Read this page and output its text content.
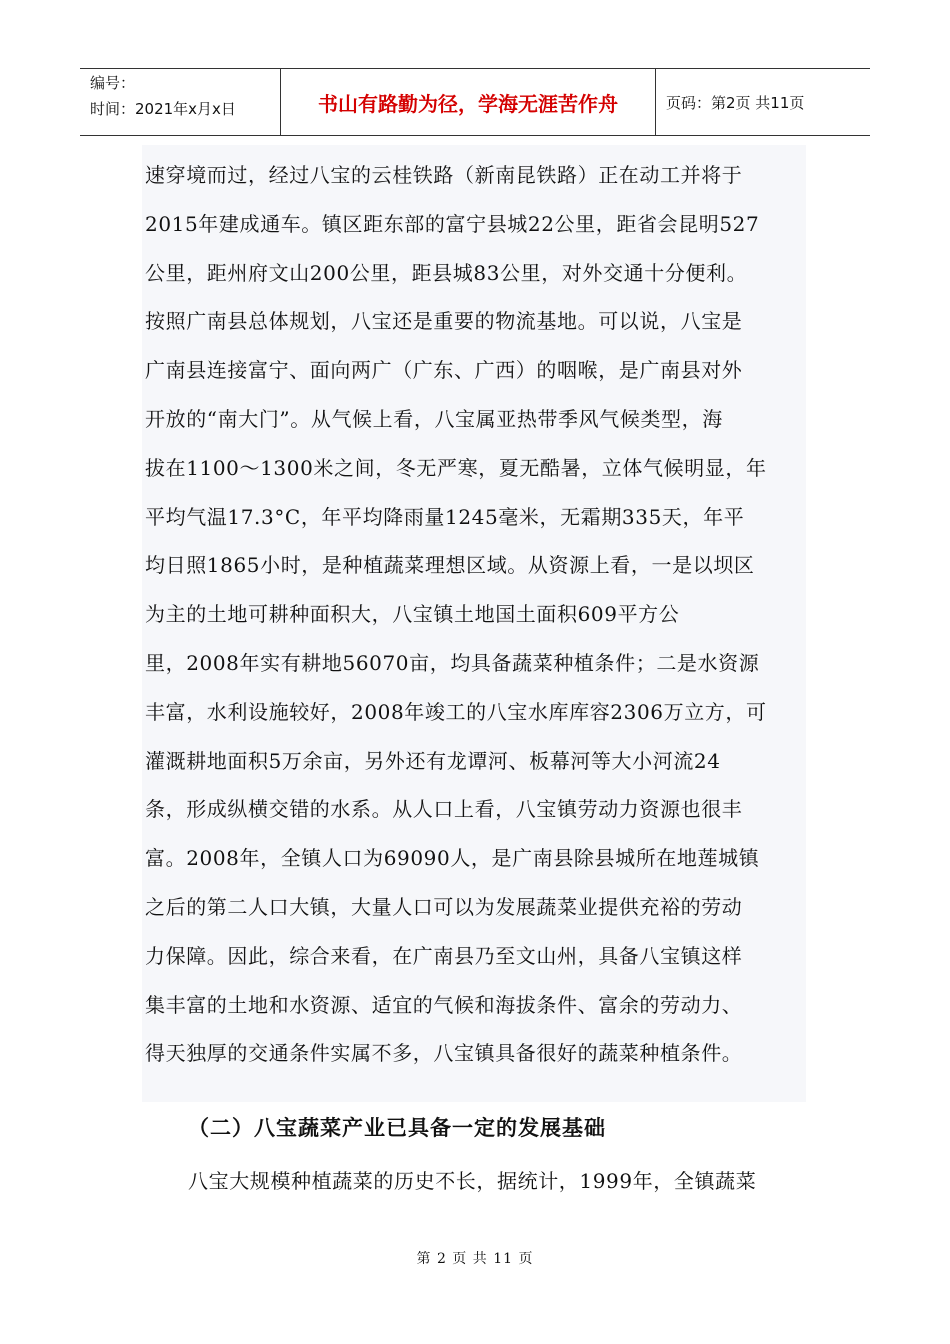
编号：
时间：2021年x月x日	书山有路勤为径，学海无涯苦作舟	页码：第2页 共11页

速穿境而过，经过八宝的云桂铁路（新南昆铁路）正在动工并将于

2015年建成通车。镇区距东部的富宁县城22公里，距省会昆明527

公里，距州府文山200公里，距县城83公里，对外交通十分便利。

按照广南县总体规划，八宝还是重要的物流基地。可以说，八宝是

广南县连接富宁、面向两广（广东、广西）的咽喉，是广南县对外

开放的“南大门”。从气候上看，八宝属亚热带季风气候类型，海

拔在1100～1300米之间，冬无严寒，夏无酷暑，立体气候明显，年

平均气温17.3°C，年平均降雨量1245毫米，无霜期335天，年平

均日照1865小时，是种植蔬菜理想区域。从资源上看，一是以坝区

为主的土地可耕种面积大，八宝镇土地国土面积609平方公

里，2008年实有耕地56070亩，均具备蔬菜种植条件；二是水资源

丰富，水利设施较好，2008年竣工的八宝水库库容2306万立方，可

灌溉耕地面积5万余亩，另外还有龙谭河、板幕河等大小河流24

条，形成纵横交错的水系。从人口上看，八宝镇劳动力资源也很丰

富。2008年，全镇人口为69090人，是广南县除县城所在地莲城镇

之后的第二人口大镇，大量人口可以为发展蔬菜业提供充裕的劳动

力保障。因此，综合来看，在广南县乃至文山州，具备八宝镇这样

集丰富的土地和水资源、适宜的气候和海拔条件、富余的劳动力、

得天独厚的交通条件实属不多，八宝镇具备很好的蔬菜种植条件。

（二）八宝蔬菜产业已具备一定的发展基础
八宝大规模种植蔬菜的历史不长，据统计，1999年，全镇蔬菜
第 2 页 共 11 页
